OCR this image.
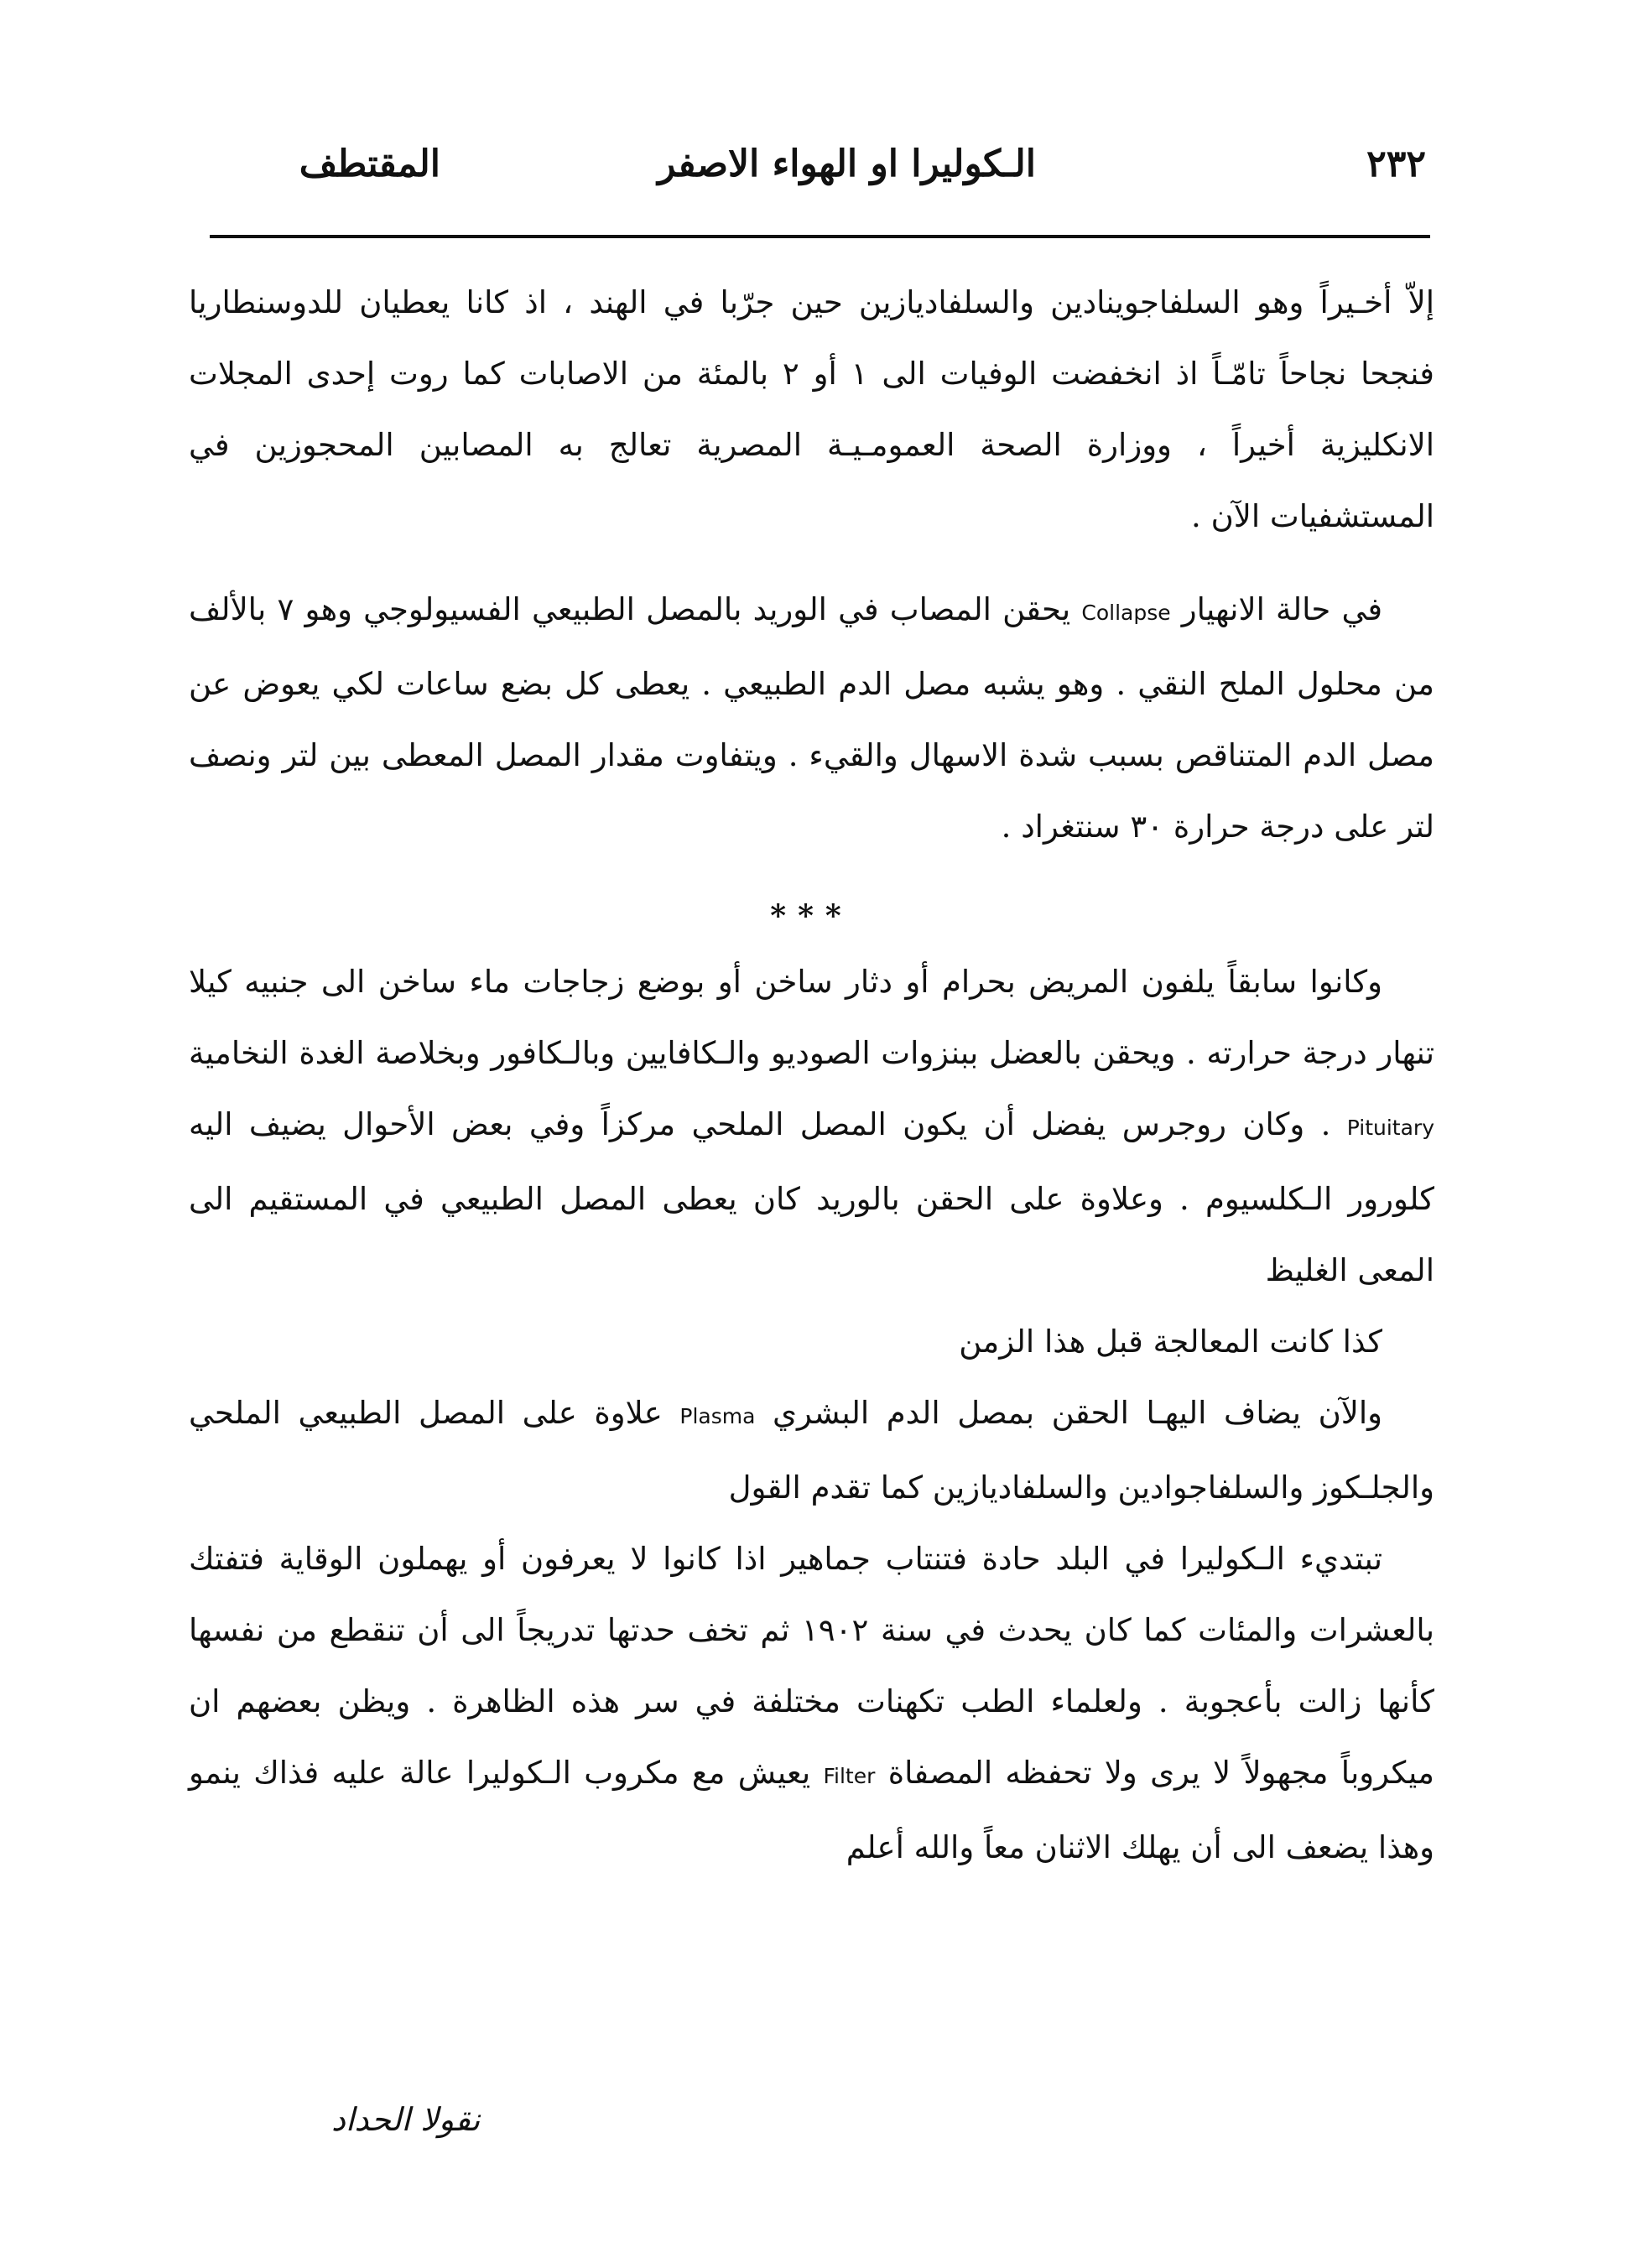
٢٣٢
الـكوليرا او الهواء الاصفر
المقتطف

إلاّ أخـيراً وهو السلفاجوينادين والسلفاديازين حين جرّبا في الهند ، اذ كانا يعطيان للدوسنطاريا فنجحا نجاحاً تامّـاً اذ انخفضت الوفيات الى ١ أو ٢ بالمئة من الاصابات كما روت إحدى المجلات الانكليزية أخيراً ، ووزارة الصحة العمومـيـة المصرية تعالج به المصابين المحجوزين في المستشفيات الآن .

في حالة الانهيار Collapse يحقن المصاب في الوريد بالمصل الطبيعي الفسيولوجي وهو ٧ بالألف من محلول الملح النقي . وهو يشبه مصل الدم الطبيعي . يعطى كل بضع ساعات لكي يعوض عن مصل الدم المتناقص بسبب شدة الاسهال والقيء . ويتفاوت مقدار المصل المعطى بين لتر ونصف لتر على درجة حرارة ٣٠ سنتغراد .

***

وكانوا سابقاً يلفون المريض بحرام أو دثار ساخن أو بوضع زجاجات ماء ساخن الى جنبيه كيلا تنهار درجة حرارته . ويحقن بالعضل ببنزوات الصوديو والـكافايين وبالـكافور وبخلاصة الغدة النخامية Pituitary . وكان روجرس يفضل أن يكون المصل الملحي مركزاً وفي بعض الأحوال يضيف اليه كلورور الـكلسيوم . وعلاوة على الحقن بالوريد كان يعطى المصل الطبيعي في المستقيم الى المعى الغليظ

كذا كانت المعالجة قبل هذا الزمن

والآن يضاف اليهـا الحقن بمصل الدم البشري Plasma علاوة على المصل الطبيعي الملحي والجلـكوز والسلفاجوادين والسلفاديازين كما تقدم القول

تبتديء الـكوليرا في البلد حادة فتنتاب جماهير اذا كانوا لا يعرفون أو يهملون الوقاية فتفتك بالعشرات والمئات كما كان يحدث في سنة ١٩٠٢ ثم تخف حدتها تدريجاً الى أن تنقطع من نفسها كأنها زالت بأعجوبة . ولعلماء الطب تكهنات مختلفة في سر هذه الظاهرة . ويظن بعضهم ان ميكروباً مجهولاً لا يرى ولا تحفظه المصفاة Filter يعيش مع مكروب الـكوليرا عالة عليه فذاك ينمو وهذا يضعف الى أن يهلك الاثنان معاً والله أعلم

نقولا الحداد
